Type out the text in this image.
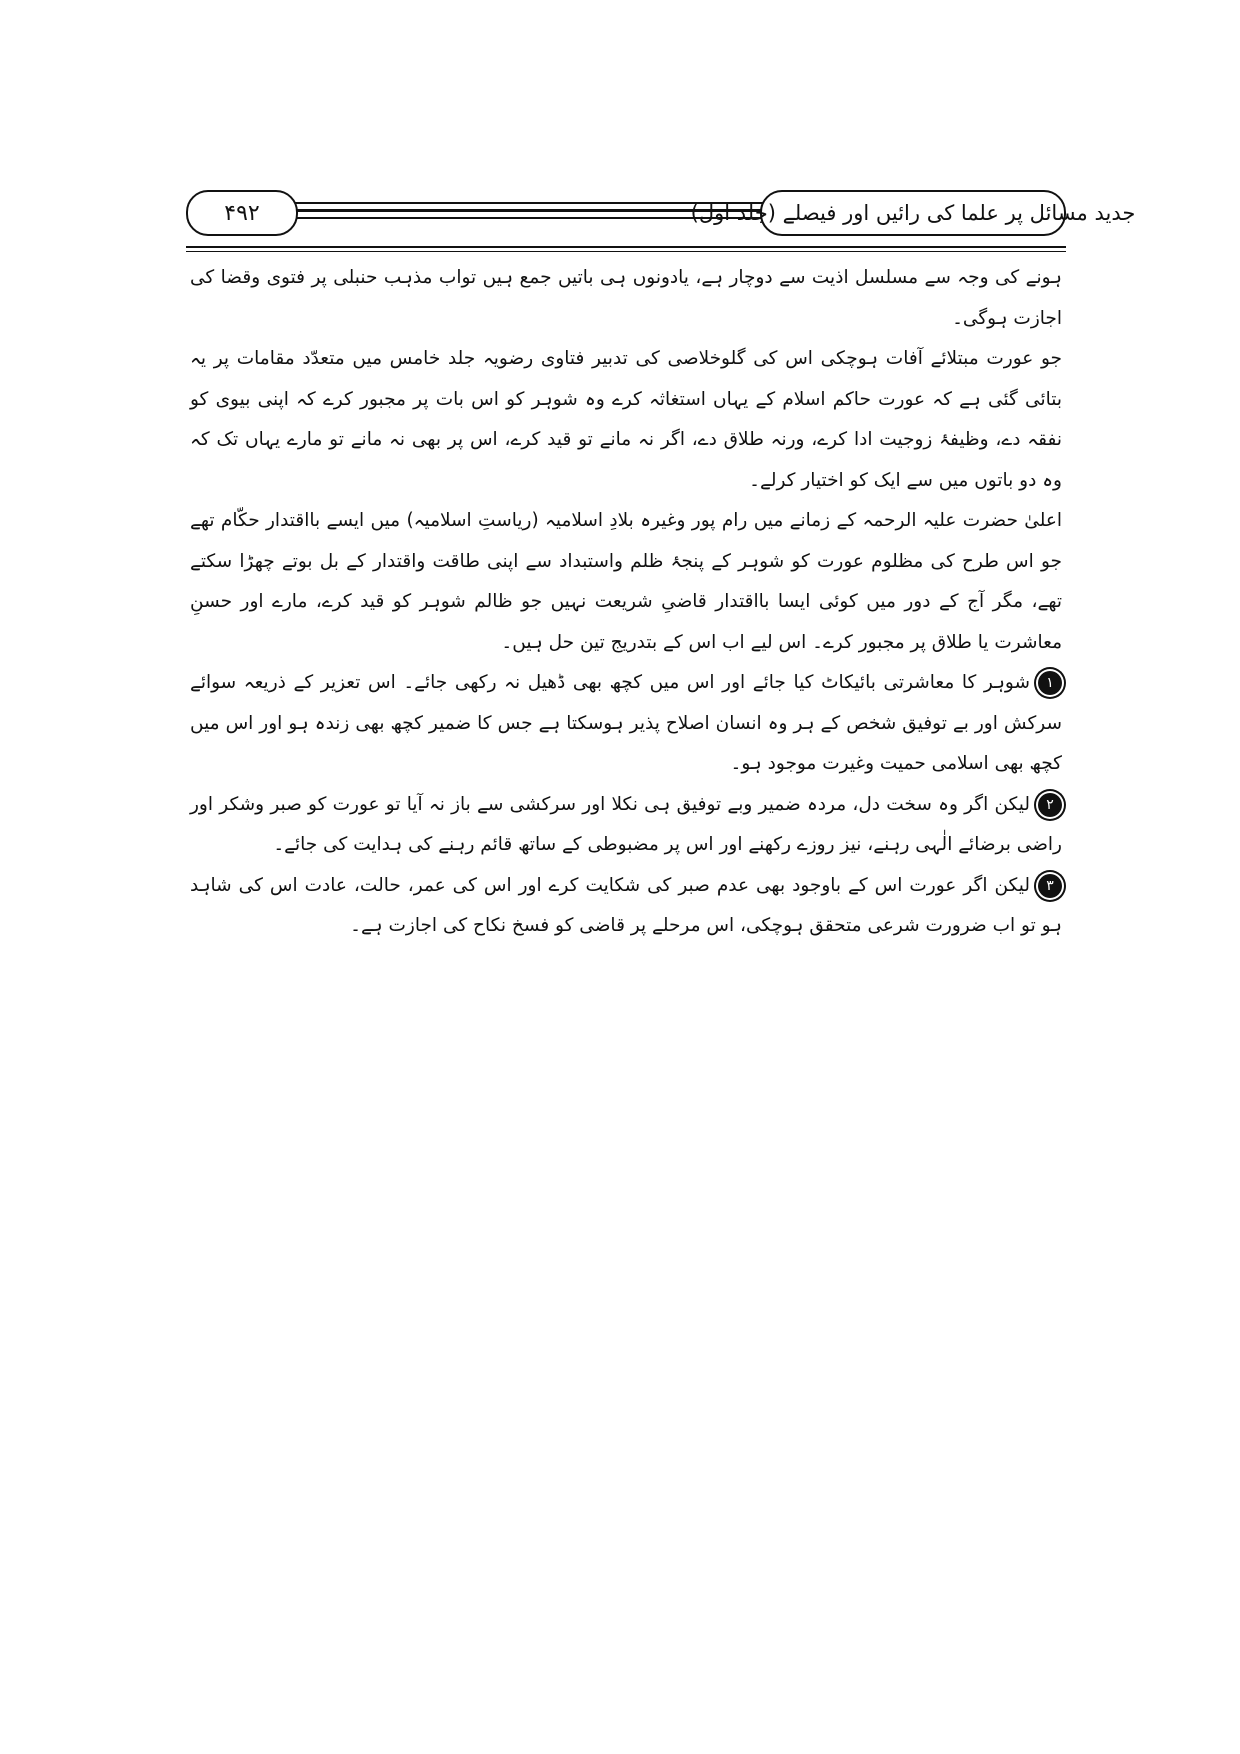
جدید مسائل پر علما کی رائیں اور فیصلے (جلد اول)
۴۹۲

ہونے کی وجہ سے مسلسل اذیت سے دوچار ہے، یادونوں ہی باتیں جمع ہیں تواب مذہب حنبلی پر فتوی وقضا کی اجازت ہوگی۔

جو عورت مبتلائے آفات ہوچکی اس کی گلوخلاصی کی تدبیر فتاوی رضویہ جلد خامس میں متعدّد مقامات پر یہ بتائی گئی ہے کہ عورت حاکم اسلام کے یہاں استغاثہ کرے وہ شوہر کو اس بات پر مجبور کرے کہ اپنی بیوی کو نفقہ دے، وظیفۂ زوجیت ادا کرے، ورنہ طلاق دے، اگر نہ مانے تو قید کرے، اس پر بھی نہ مانے تو مارے یہاں تک کہ وہ دو باتوں میں سے ایک کو اختیار کرلے۔

اعلیٰ حضرت علیہ الرحمہ کے زمانے میں رام پور وغیرہ بلادِ اسلامیہ (ریاستِ اسلامیہ) میں ایسے بااقتدار حکّام تھے جو اس طرح کی مظلوم عورت کو شوہر کے پنجۂ ظلم واستبداد سے اپنی طاقت واقتدار کے بل بوتے چھڑا سکتے تھے، مگر آج کے دور میں کوئی ایسا بااقتدار قاضیِ شریعت نہیں جو ظالم شوہر کو قید کرے، مارے اور حسنِ معاشرت یا طلاق پر مجبور کرے۔ اس لیے اب اس کے بتدریج تین حل ہیں۔

۱شوہر کا معاشرتی بائیکاٹ کیا جائے اور اس میں کچھ بھی ڈھیل نہ رکھی جائے۔ اس تعزیر کے ذریعہ سوائے سرکش اور بے توفیق شخص کے ہر وہ انسان اصلاح پذیر ہوسکتا ہے جس کا ضمیر کچھ بھی زندہ ہو اور اس میں کچھ بھی اسلامی حمیت وغیرت موجود ہو۔

۲لیکن اگر وہ سخت دل، مردہ ضمیر وبے توفیق ہی نکلا اور سرکشی سے باز نہ آیا تو عورت کو صبر وشکر اور راضی برضائے الٰہی رہنے، نیز روزے رکھنے اور اس پر مضبوطی کے ساتھ قائم رہنے کی ہدایت کی جائے۔

۳لیکن اگر عورت اس کے باوجود بھی عدم صبر کی شکایت کرے اور اس کی عمر، حالت، عادت اس کی شاہد ہو تو اب ضرورت شرعی متحقق ہوچکی، اس مرحلے پر قاضی کو فسخ نکاح کی اجازت ہے۔
